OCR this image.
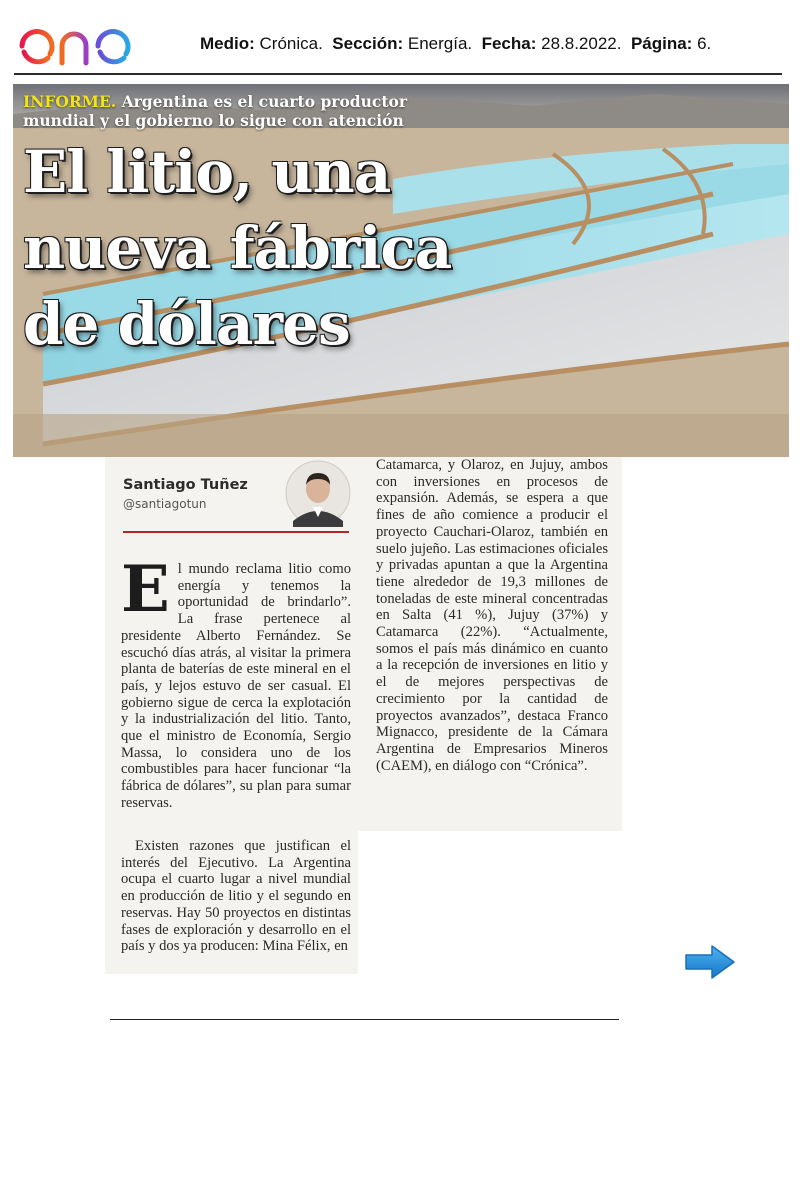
Medio: Crónica. Sección: Energía. Fecha: 28.8.2022. Página: 6.
INFORME. Argentina es el cuarto productor
mundial y el gobierno lo sigue con atención
El litio, una
nueva fábrica
de dólares
Santiago Tuñez
@santiagotun
El mundo reclama litio como energía y tenemos la oportunidad de brindarlo”. La frase pertenece al presidente Alberto Fernández. Se escuchó días atrás, al visitar la primera planta de baterías de este mineral en el país, y lejos estuvo de ser casual. El gobierno sigue de cerca la explotación y la industrialización del litio. Tanto, que el ministro de Economía, Sergio Massa, lo considera uno de los combustibles para hacer funcionar “la fábrica de dólares”, su plan para sumar reservas.
Existen razones que justifican el interés del Ejecutivo. La Argentina ocupa el cuarto lugar a nivel mundial en producción de litio y el segundo en reservas. Hay 50 proyectos en distintas fases de exploración y desarrollo en el país y dos ya producen: Mina Félix, en
Catamarca, y Olaroz, en Jujuy, ambos con inversiones en procesos de expansión. Además, se espera a que fines de año comience a producir el proyecto Cauchari-Olaroz, también en suelo jujeño. Las estimaciones oficiales y privadas apuntan a que la Argentina tiene alrededor de 19,3 millones de toneladas de este mineral concentradas en Salta (41 %), Jujuy (37%) y Catamarca (22%). “Actualmente, somos el país más dinámico en cuanto a la recepción de inversiones en litio y el de mejores perspectivas de crecimiento por la cantidad de proyectos avanzados”, destaca Franco Mignacco, presidente de la Cámara Argentina de Empresarios Mineros (CAEM), en diálogo con “Crónica”.
